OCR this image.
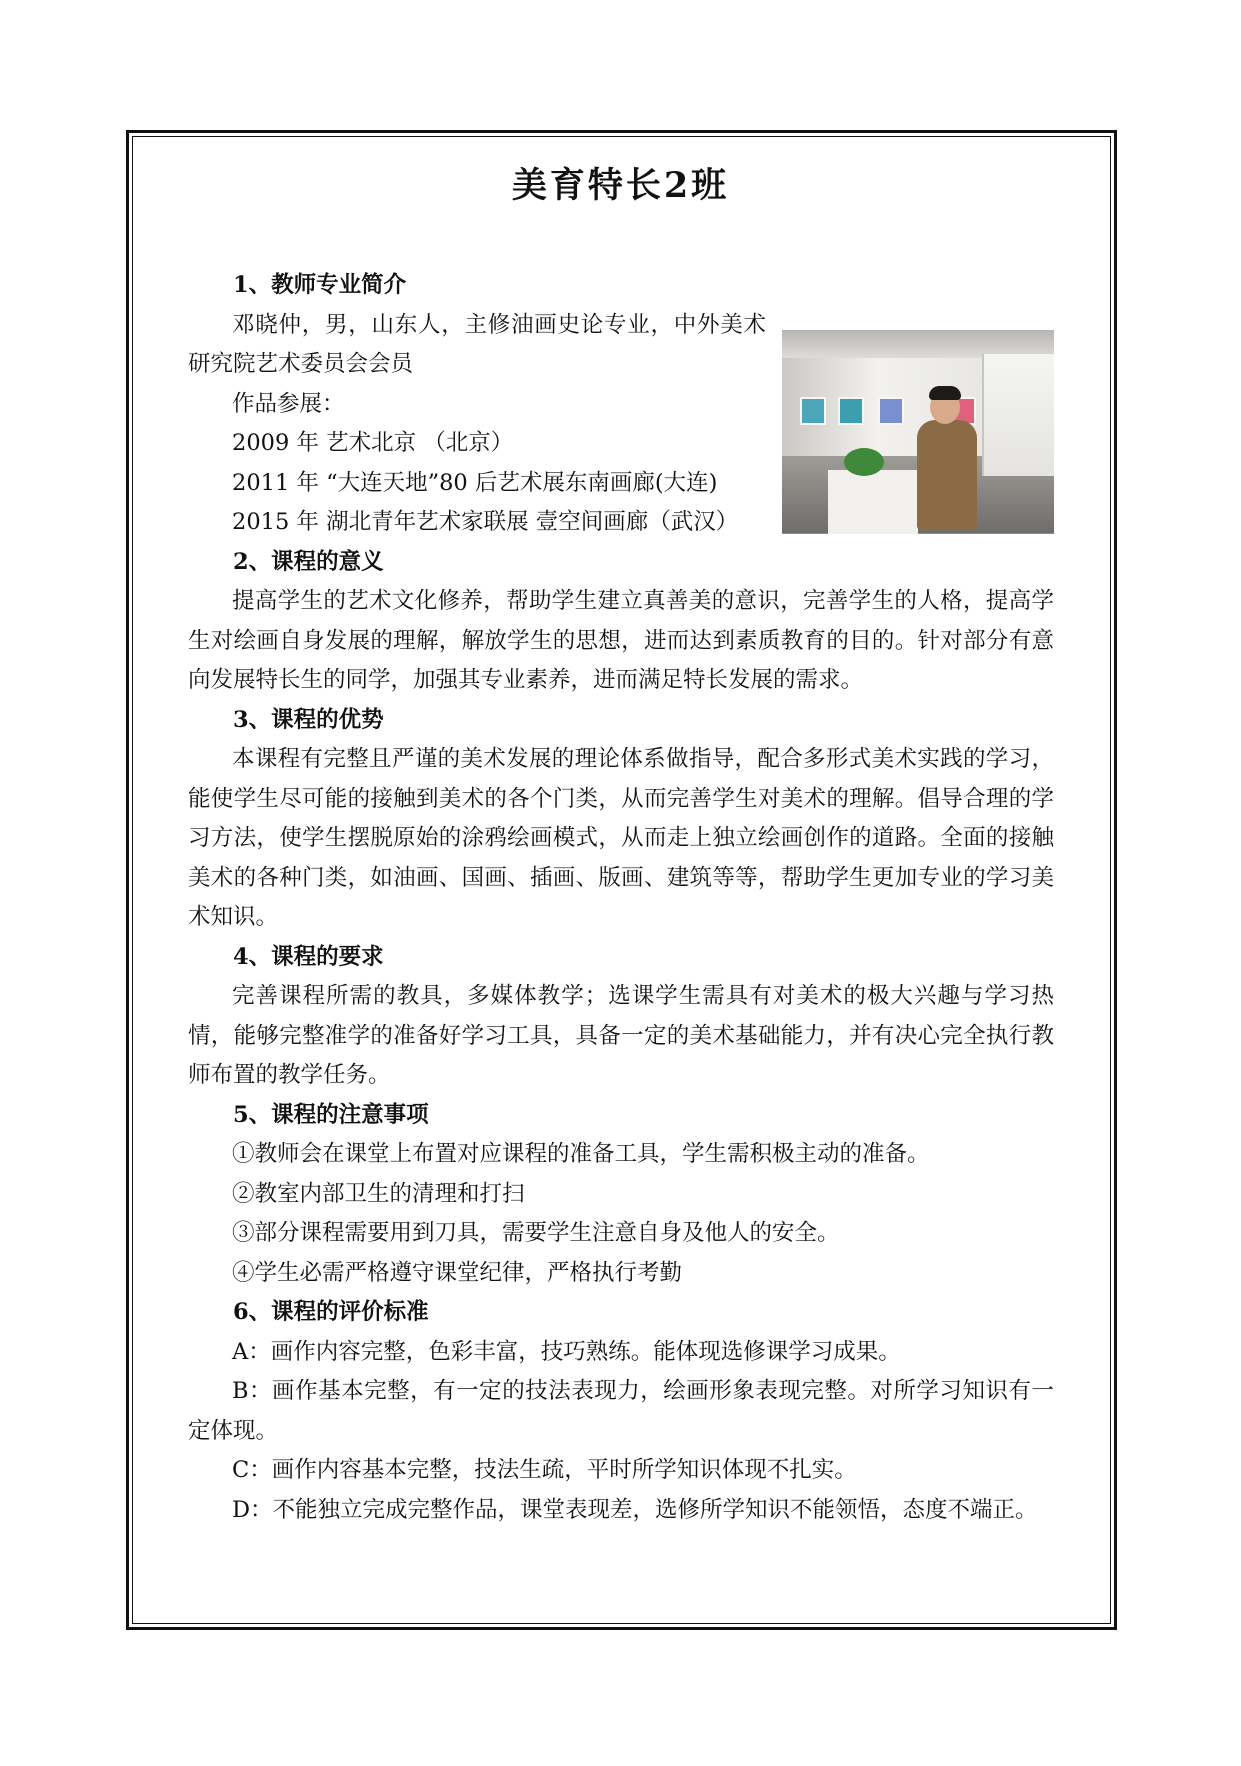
美育特长2班

1、教师专业简介

邓晓仲，男，山东人，主修油画史论专业，中外美术研究院艺术委员会会员

作品参展：

2009 年 艺术北京 （北京）

2011 年 “大连天地”80 后艺术展东南画廊(大连)

2015 年 湖北青年艺术家联展 壹空间画廊（武汉）

2、课程的意义

提高学生的艺术文化修养，帮助学生建立真善美的意识，完善学生的人格，提高学生对绘画自身发展的理解，解放学生的思想，进而达到素质教育的目的。针对部分有意向发展特长生的同学，加强其专业素养，进而满足特长发展的需求。

3、课程的优势

本课程有完整且严谨的美术发展的理论体系做指导，配合多形式美术实践的学习，能使学生尽可能的接触到美术的各个门类，从而完善学生对美术的理解。倡导合理的学习方法，使学生摆脱原始的涂鸦绘画模式，从而走上独立绘画创作的道路。全面的接触美术的各种门类，如油画、国画、插画、版画、建筑等等，帮助学生更加专业的学习美术知识。

4、课程的要求

完善课程所需的教具，多媒体教学；选课学生需具有对美术的极大兴趣与学习热情，能够完整准学的准备好学习工具，具备一定的美术基础能力，并有决心完全执行教师布置的教学任务。

5、课程的注意事项

①教师会在课堂上布置对应课程的准备工具，学生需积极主动的准备。

②教室内部卫生的清理和打扫

③部分课程需要用到刀具，需要学生注意自身及他人的安全。

④学生必需严格遵守课堂纪律，严格执行考勤

6、课程的评价标准

A：画作内容完整，色彩丰富，技巧熟练。能体现选修课学习成果。

B：画作基本完整，有一定的技法表现力，绘画形象表现完整。对所学习知识有一定体现。

C：画作内容基本完整，技法生疏，平时所学知识体现不扎实。

D：不能独立完成完整作品，课堂表现差，选修所学知识不能领悟，态度不端正。
